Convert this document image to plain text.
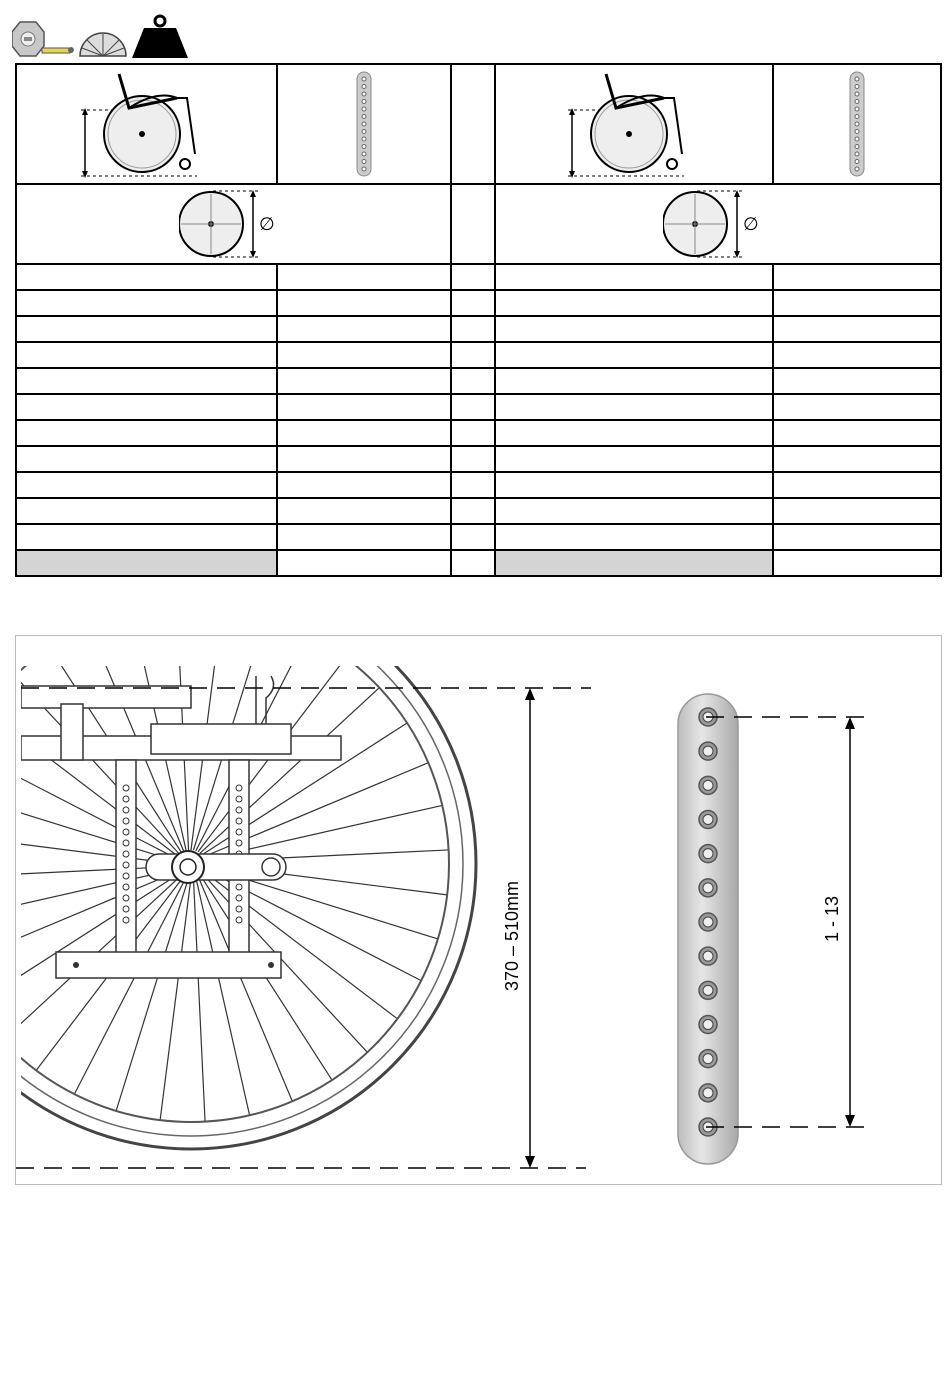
∅			∅	

370 – 510mm	1 - 13
